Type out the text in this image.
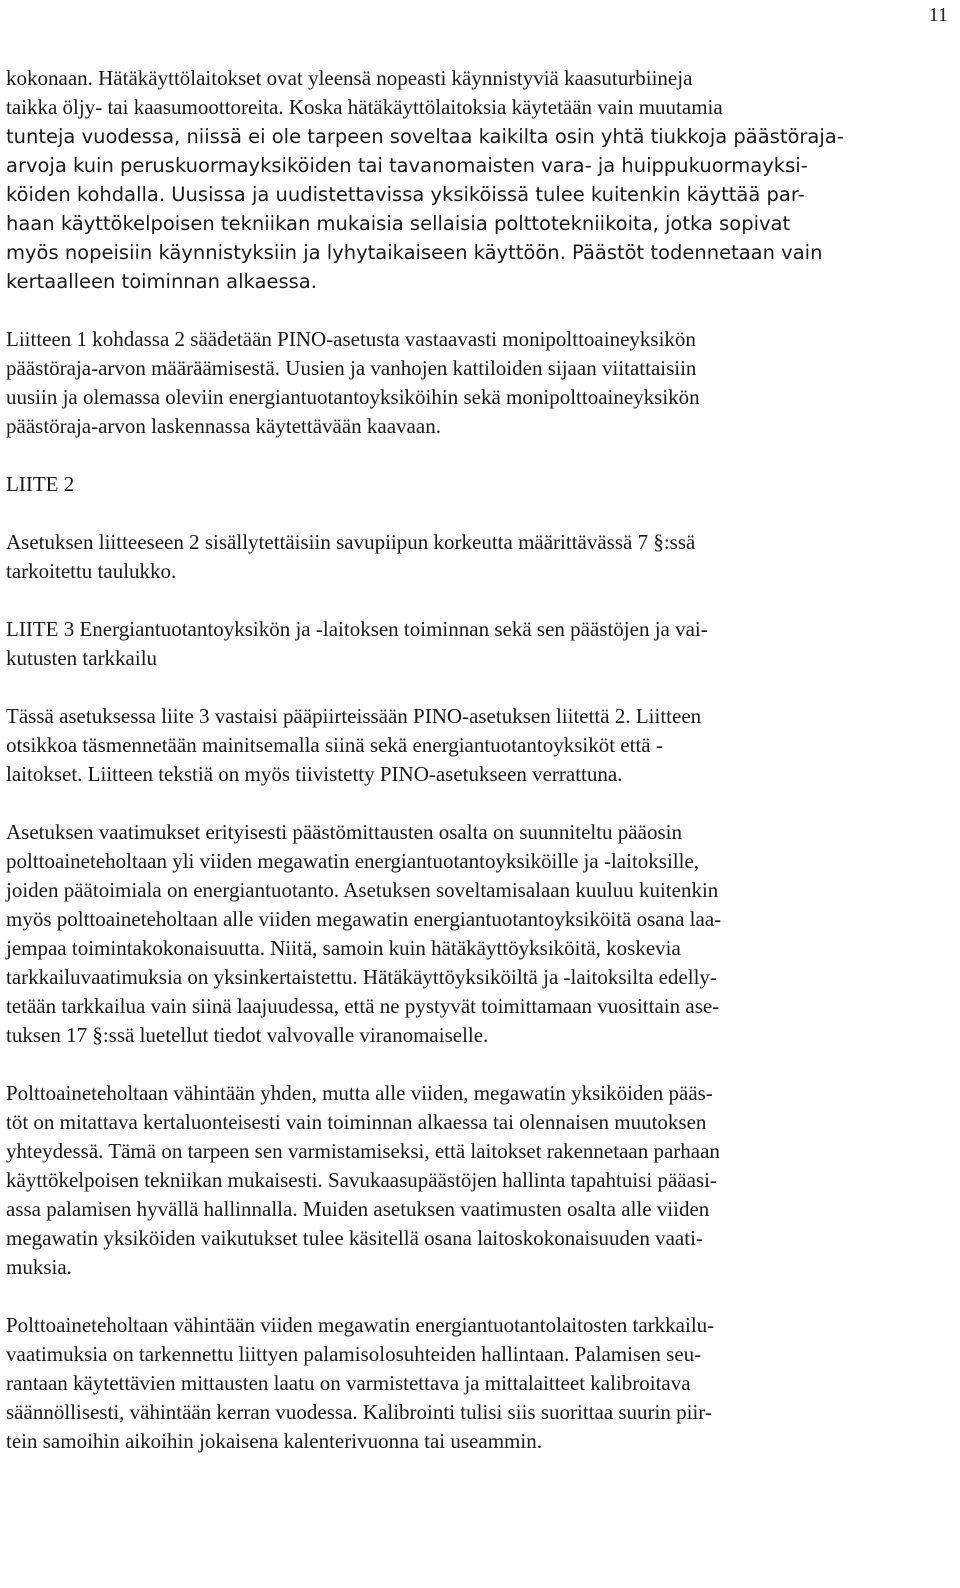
11
kokonaan. Hätäkäyttölaitokset ovat yleensä nopeasti käynnistyviä kaasuturbiineja
taikka öljy- tai kaasumoottoreita. Koska hätäkäyttölaitoksia käytetään vain muutamia
tunteja vuodessa, niissä ei ole tarpeen soveltaa kaikilta osin yhtä tiukkoja päästöraja-
arvoja kuin peruskuormayksiköiden tai tavanomaisten vara- ja huippukuormayksi-
köiden kohdalla. Uusissa ja uudistettavissa yksiköissä tulee kuitenkin käyttää par-
haan käyttökelpoisen tekniikan mukaisia sellaisia polttotekniikoita, jotka sopivat
myös nopeisiin käynnistyksiin ja lyhytaikaiseen käyttöön. Päästöt todennetaan vain
kertaalleen toiminnan alkaessa.
Liitteen 1 kohdassa 2 säädetään PINO-asetusta vastaavasti monipolttoaineyksikön
päästöraja-arvon määräämisestä. Uusien ja vanhojen kattiloiden sijaan viitattaisiin
uusiin ja olemassa oleviin energiantuotantoyksiköihin sekä monipolttoaineyksikön
päästöraja-arvon laskennassa käytettävään kaavaan.
LIITE 2
Asetuksen liitteeseen 2 sisällytettäisiin savupiipun korkeutta määrittävässä 7 §:ssä
tarkoitettu taulukko.
LIITE 3 Energiantuotantoyksikön ja -laitoksen toiminnan sekä sen päästöjen ja vai-
kutusten tarkkailu
Tässä asetuksessa liite 3 vastaisi pääpiirteissään PINO-asetuksen liitettä 2. Liitteen
otsikkoa täsmennetään mainitsemalla siinä sekä energiantuotantoyksiköt että -
laitokset. Liitteen tekstiä on myös tiivistetty PINO-asetukseen verrattuna.
Asetuksen vaatimukset erityisesti päästömittausten osalta on suunniteltu pääosin
polttoaineteholtaan yli viiden megawatin energiantuotantoyksiköille ja -laitoksille,
joiden päätoimiala on energiantuotanto. Asetuksen soveltamisalaan kuuluu kuitenkin
myös polttoaineteholtaan alle viiden megawatin energiantuotantoyksiköitä osana laa-
jempaa toimintakokonaisuutta. Niitä, samoin kuin hätäkäyttöyksiköitä, koskevia
tarkkailuvaatimuksia on yksinkertaistettu. Hätäkäyttöyksiköiltä ja -laitoksilta edelly-
tetään tarkkailua vain siinä laajuudessa, että ne pystyvät toimittamaan vuosittain ase-
tuksen 17 §:ssä luetellut tiedot valvovalle viranomaiselle.
Polttoaineteholtaan vähintään yhden, mutta alle viiden, megawatin yksiköiden pääs-
töt on mitattava kertaluonteisesti vain toiminnan alkaessa tai olennaisen muutoksen
yhteydessä. Tämä on tarpeen sen varmistamiseksi, että laitokset rakennetaan parhaan
käyttökelpoisen tekniikan mukaisesti. Savukaasupäästöjen hallinta tapahtuisi pääasi-
assa palamisen hyvällä hallinnalla. Muiden asetuksen vaatimusten osalta alle viiden
megawatin yksiköiden vaikutukset tulee käsitellä osana laitoskokonaisuuden vaati-
muksia.
Polttoaineteholtaan vähintään viiden megawatin energiantuotantolaitosten tarkkailu-
vaatimuksia on tarkennettu liittyen palamisolosuhteiden hallintaan. Palamisen seu-
rantaan käytettävien mittausten laatu on varmistettava ja mittalaitteet kalibroitava
säännöllisesti, vähintään kerran vuodessa. Kalibrointi tulisi siis suorittaa suurin piir-
tein samoihin aikoihin jokaisena kalenterivuonna tai useammin.
